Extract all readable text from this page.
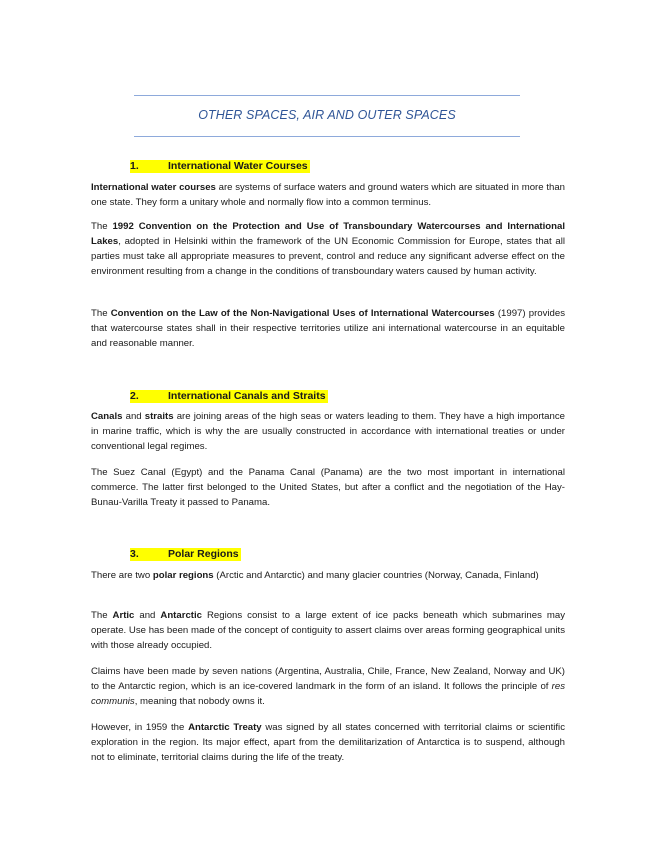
OTHER SPACES, AIR AND OUTER SPACES
1.	International Water Courses

International water courses are systems of surface waters and ground waters which are situated in more than one state. They form a unitary whole and normally flow into a common terminus.

The 1992 Convention on the Protection and Use of Transboundary Watercourses and International Lakes, adopted in Helsinki within the framework of the UN Economic Commission for Europe, states that all parties must take all appropriate measures to prevent, control and reduce any significant adverse effect on the environment resulting from a change in the conditions of transboundary waters caused by human activity.

The Convention on the Law of the Non-Navigational Uses of International Watercourses (1997) provides that watercourse states shall in their respective territories utilize ani international watercourse in an equitable and reasonable manner.

2.	International Canals and Straits

Canals and straits are joining areas of the high seas or waters leading to them. They have a high importance in marine traffic, which is why the are usually constructed in accordance with international treaties or under conventional legal regimes.

The Suez Canal (Egypt) and the Panama Canal (Panama) are the two most important in international commerce. The latter first belonged to the United States, but after a conflict and the negotiation of the Hay-Bunau-Varilla Treaty it passed to Panama.

3.	Polar Regions

There are two polar regions (Arctic and Antarctic) and many glacier countries (Norway, Canada, Finland)

The Artic and Antarctic Regions consist to a large extent of ice packs beneath which submarines may operate. Use has been made of the concept of contiguity to assert claims over areas forming geographical units with those already occupied.

Claims have been made by seven nations (Argentina, Australia, Chile, France, New Zealand, Norway and UK) to the Antarctic region, which is an ice-covered landmark in the form of an island. It follows the principle of res communis, meaning that nobody owns it.

However, in 1959 the Antarctic Treaty was signed by all states concerned with territorial claims or scientific exploration in the region. Its major effect, apart from the demilitarization of Antarctica is to suspend, although not to eliminate, territorial claims during the life of the treaty.
